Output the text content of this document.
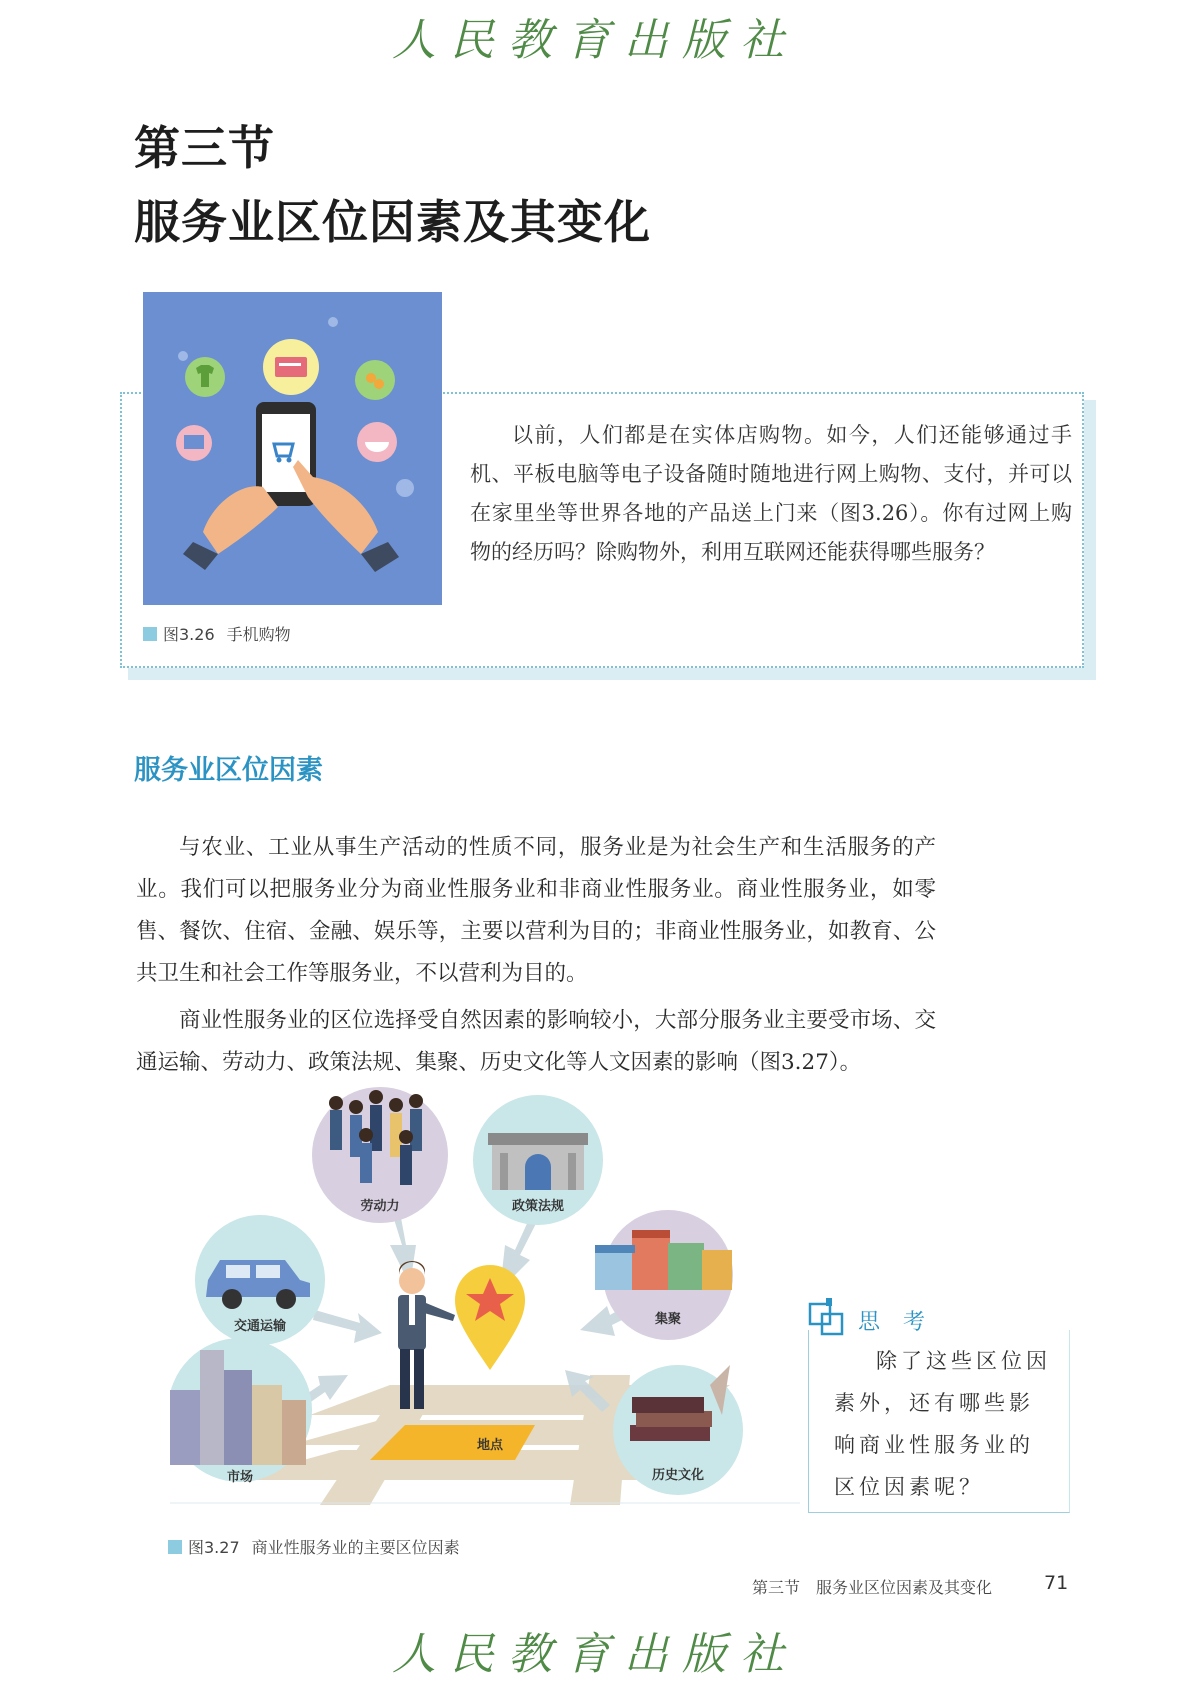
人民教育出版社
第三节
服务业区位因素及其变化
以前，人们都是在实体店购物。如今，人们还能够通过手机、平板电脑等电子设备随时随地进行网上购物、支付，并可以在家里坐等世界各地的产品送上门来（图3.26）。你有过网上购物的经历吗？除购物外，利用互联网还能获得哪些服务？
图3.26 手机购物
服务业区位因素

与农业、工业从事生产活动的性质不同，服务业是为社会生产和生活服务的产业。我们可以把服务业分为商业性服务业和非商业性服务业。商业性服务业，如零售、餐饮、住宿、金融、娱乐等，主要以营利为目的；非商业性服务业，如教育、公共卫生和社会工作等服务业，不以营利为目的。

商业性服务业的区位选择受自然因素的影响较小，大部分服务业主要受市场、交通运输、劳动力、政策法规、集聚、历史文化等人文因素的影响（图3.27）。

劳动力	政策法规
交通运输	集聚
市场	历史文化
地点
思 考
除了这些区位因素外，还有哪些影响商业性服务业的区位因素呢？
图3.27 商业性服务业的主要区位因素
第三节 服务业区位因素及其变化	71
人民教育出版社
